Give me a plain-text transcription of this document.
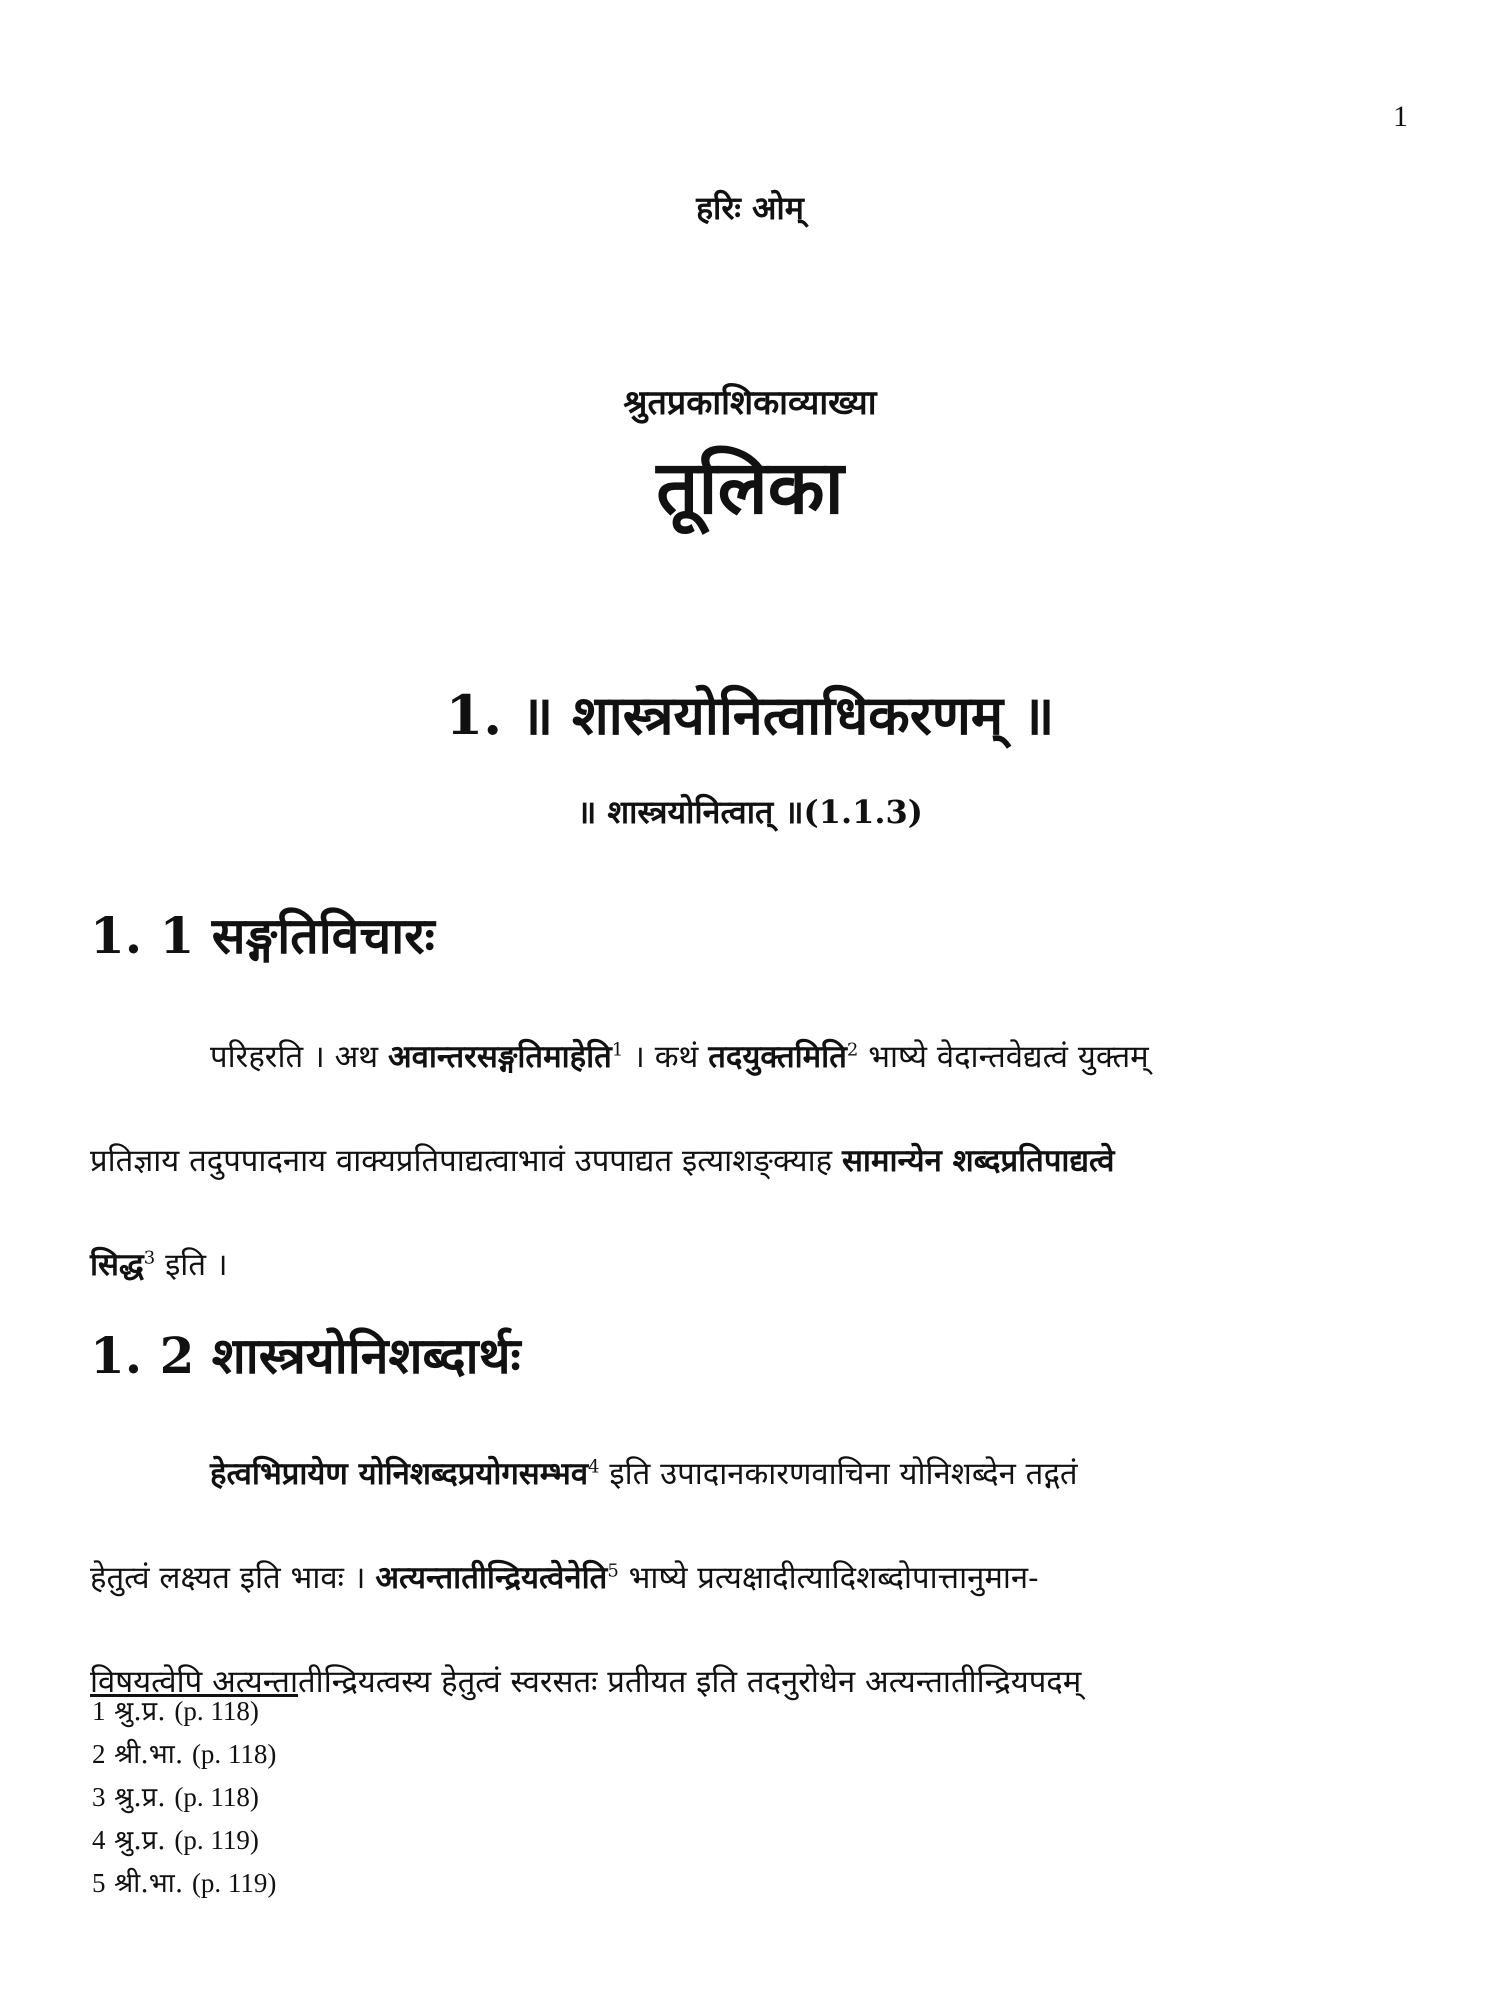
1
हरिः ओम्
श्रुतप्रकाशिकाव्याख्या
तूलिका
1. ॥ शास्त्रयोनित्वाधिकरणम् ॥
॥ शास्त्रयोनित्वात् ॥(1.1.3)
1. 1 सङ्गतिविचारः
परिहरति । अथ अवान्तरसङ्गतिमाहेति$^1$ । कथं तदयुक्तमिति$^2$ भाष्ये वेदान्तवेद्यत्वं युक्तम्
प्रतिज्ञाय तदुपपादनाय वाक्यप्रतिपाद्यत्वाभावं उपपाद्यत इत्याशङ्क्याह सामान्येन शब्दप्रतिपाद्यत्वे
सिद्ध$^3$ इति ।
1. 2 शास्त्रयोनिशब्दार्थः
हेत्वभिप्रायेण योनिशब्दप्रयोगसम्भव$^4$ इति उपादानकारणवाचिना योनिशब्देन तद्गतं
हेतुत्वं लक्ष्यत इति भावः । अत्यन्तातीन्द्रियत्वेनेति$^5$ भाष्ये प्रत्यक्षादीत्यादिशब्दोपात्तानुमान-
विषयत्वेपि अत्यन्तातीन्द्रियत्वस्य हेतुत्वं स्वरसतः प्रतीयत इति तदनुरोधेन अत्यन्तातीन्द्रियपदम्
1 श्रु.प्र. (p. 118)
2 श्री.भा. (p. 118)
3 श्रु.प्र. (p. 118)
4 श्रु.प्र. (p. 119)
5 श्री.भा. (p. 119)
